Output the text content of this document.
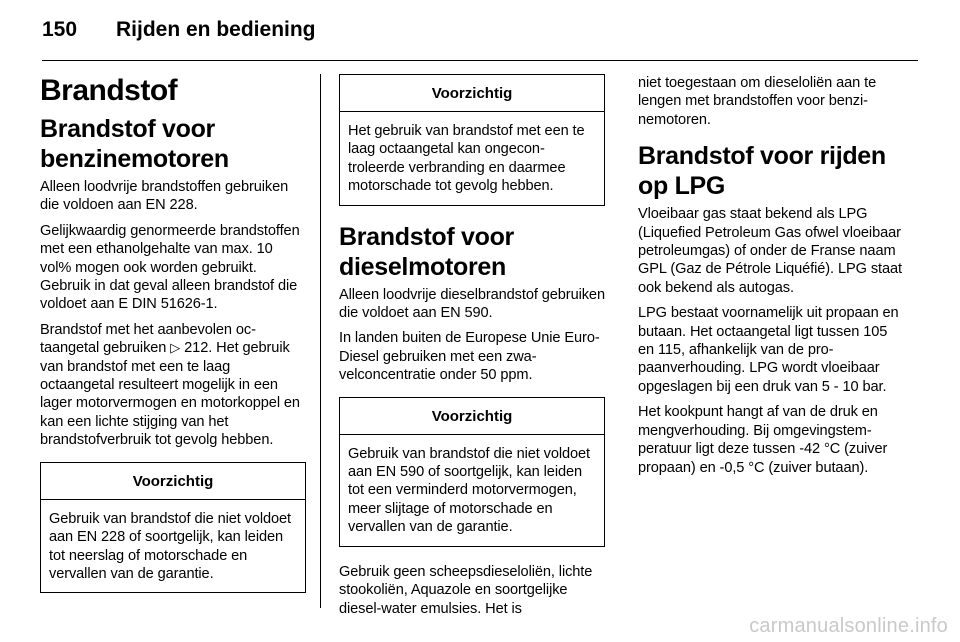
150 Rijden en bediening
Brandstof
Brandstof voor benzinemotoren

Alleen loodvrije brandstoffen gebruiken die voldoen aan EN 228.

Gelijkwaardig genormeerde brandstoffen met een ethanolgehalte van max. 10 vol% mogen ook worden gebruikt. Gebruik in dat geval alleen brandstof die voldoet aan E DIN 51626-1.

Brandstof met het aanbevolen octaangetal gebruiken ▷ 212. Het gebruik van brandstof met een te laag octaangetal resulteert mogelijk in een lager motorvermogen en motorkoppel en kan een lichte stijging van het brandstofverbruik tot gevolg hebben.

Voorzichtig
Gebruik van brandstof die niet voldoet aan EN 228 of soortgelijk, kan leiden tot neerslag of motorschade en vervallen van de garantie.
Voorzichtig
Het gebruik van brandstof met een te laag octaangetal kan ongecontroleerde verbranding en daarmee motorschade tot gevolg hebben.
Brandstof voor dieselmotoren

Alleen loodvrije dieselbrandstof gebruiken die voldoet aan EN 590.

In landen buiten de Europese Unie Euro-Diesel gebruiken met een zwavelconcentratie onder 50 ppm.

Voorzichtig
Gebruik van brandstof die niet voldoet aan EN 590 of soortgelijk, kan leiden tot een verminderd motorvermogen, meer slijtage of motorschade en vervallen van de garantie.

Gebruik geen scheepsdieseloliën, lichte stookoliën, Aquazole en soortgelijke diesel-water emulsies. Het is

niet toegestaan om dieseloliën aan te lengen met brandstoffen voor benzinemotoren.

Brandstof voor rijden op LPG

Vloeibaar gas staat bekend als LPG (Liquefied Petroleum Gas ofwel vloeibaar petroleumgas) of onder de Franse naam GPL (Gaz de Pétrole Liquéfié). LPG staat ook bekend als autogas.

LPG bestaat voornamelijk uit propaan en butaan. Het octaangetal ligt tussen 105 en 115, afhankelijk van de propaanverhouding. LPG wordt vloeibaar opgeslagen bij een druk van 5 - 10 bar.

Het kookpunt hangt af van de druk en mengverhouding. Bij omgevingstemperatuur ligt deze tussen -42 °C (zuiver propaan) en -0,5 °C (zuiver butaan).

carmanualsonline.info
